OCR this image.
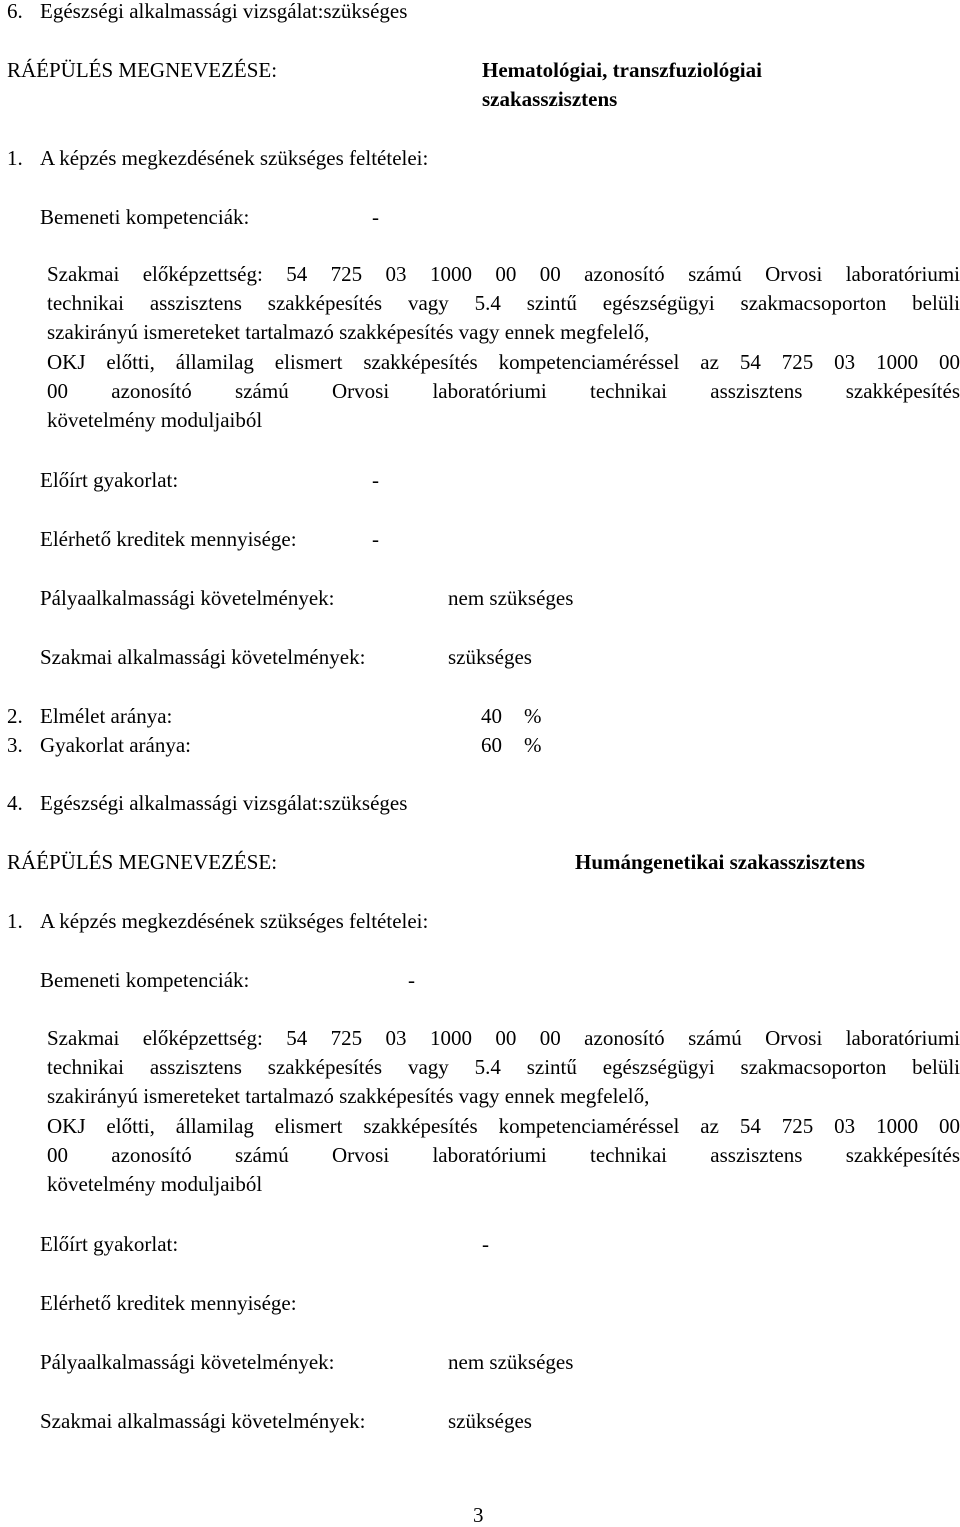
6. Egészségi alkalmassági vizsgálat:szükséges
RÁÉPÜLÉS MEGNEVEZÉSE:	Hematológiai, transzfuziológiai
szakasszisztens
1. A képzés megkezdésének szükséges feltételei:
Bemeneti kompetenciák:	-
Szakmai előképzettség: 54 725 03 1000 00 00 azonosító számú Orvosi laboratóriumi
technikai asszisztens szakképesítés vagy 5.4 szintű egészségügyi szakmacsoporton belüli
szakirányú ismereteket tartalmazó szakképesítés vagy ennek megfelelő,
OKJ előtti, államilag elismert szakképesítés kompetenciaméréssel az 54 725 03 1000 00
00 azonosító számú Orvosi laboratóriumi technikai asszisztens szakképesítés
követelmény moduljaiból
Előírt gyakorlat:	-
Elérhető kreditek mennyisége:	-
Pályaalkalmassági követelmények:	nem szükséges
Szakmai alkalmassági követelmények:	szükséges
2. Elmélet aránya:	40 %
3. Gyakorlat aránya:	60 %
4. Egészségi alkalmassági vizsgálat:szükséges
RÁÉPÜLÉS MEGNEVEZÉSE:	Humángenetikai szakasszisztens
1. A képzés megkezdésének szükséges feltételei:
Bemeneti kompetenciák:	-
Szakmai előképzettség: 54 725 03 1000 00 00 azonosító számú Orvosi laboratóriumi
technikai asszisztens szakképesítés vagy 5.4 szintű egészségügyi szakmacsoporton belüli
szakirányú ismereteket tartalmazó szakképesítés vagy ennek megfelelő,
OKJ előtti, államilag elismert szakképesítés kompetenciaméréssel az 54 725 03 1000 00
00 azonosító számú Orvosi laboratóriumi technikai asszisztens szakképesítés
követelmény moduljaiból
Előírt gyakorlat:	-
Elérhető kreditek mennyisége:
Pályaalkalmassági követelmények:	nem szükséges
Szakmai alkalmassági követelmények:	szükséges
3
